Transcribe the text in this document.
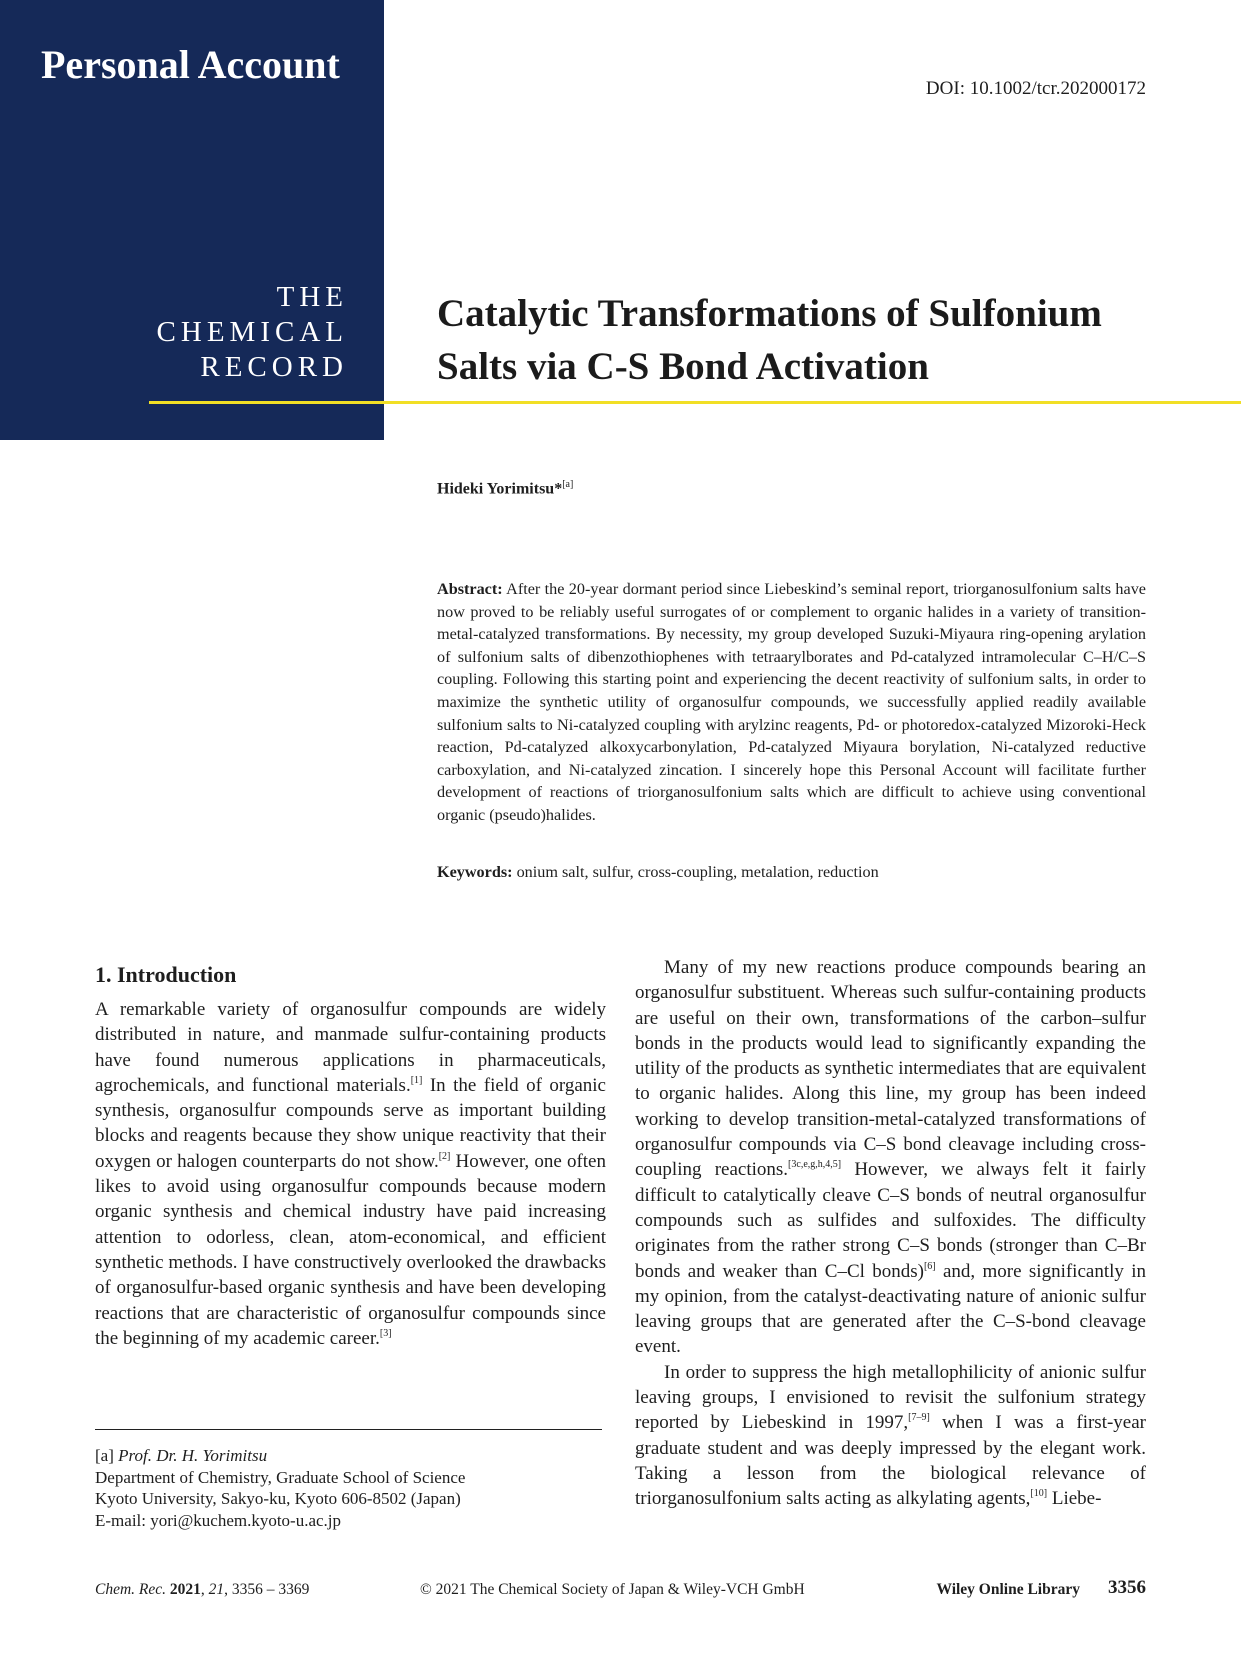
Personal Account
THE
CHEMICAL
RECORD
DOI: 10.1002/tcr.202000172
Catalytic Transformations of Sulfonium
Salts via C-S Bond Activation
Hideki Yorimitsu*[a]
Abstract: After the 20-year dormant period since Liebeskind’s seminal report, triorganosulfonium salts have now proved to be reliably useful surrogates of or complement to organic halides in a variety of transition-metal-catalyzed transformations. By necessity, my group developed Suzuki-Miyaura ring-opening arylation of sulfonium salts of dibenzothiophenes with tetraarylborates and Pd-catalyzed intramolecular C–H/C–S coupling. Following this starting point and experiencing the decent reactivity of sulfonium salts, in order to maximize the synthetic utility of organosulfur compounds, we successfully applied readily available sulfonium salts to Ni-catalyzed coupling with arylzinc reagents, Pd- or photoredox-catalyzed Mizoroki-Heck reaction, Pd-catalyzed alkoxycarbonylation, Pd-catalyzed Miyaura borylation, Ni-catalyzed reductive carboxylation, and Ni-catalyzed zincation. I sincerely hope this Personal Account will facilitate further development of reactions of triorganosulfonium salts which are difficult to achieve using conventional organic (pseudo)halides.
Keywords: onium salt, sulfur, cross-coupling, metalation, reduction
1. Introduction

A remarkable variety of organosulfur compounds are widely distributed in nature, and manmade sulfur-containing products have found numerous applications in pharmaceuticals, agrochemicals, and functional materials.[1] In the field of organic synthesis, organosulfur compounds serve as important building blocks and reagents because they show unique reactivity that their oxygen or halogen counterparts do not show.[2] However, one often likes to avoid using organosulfur compounds because modern organic synthesis and chemical industry have paid increasing attention to odorless, clean, atom-economical, and efficient synthetic methods. I have constructively overlooked the drawbacks of organosulfur-based organic synthesis and have been developing reactions that are characteristic of organosulfur compounds since the beginning of my academic career.[3]

Many of my new reactions produce compounds bearing an organosulfur substituent. Whereas such sulfur-containing products are useful on their own, transformations of the carbon–sulfur bonds in the products would lead to significantly expanding the utility of the products as synthetic intermediates that are equivalent to organic halides. Along this line, my group has been indeed working to develop transition-metal-catalyzed transformations of organosulfur compounds via C–S bond cleavage including cross-coupling reactions.[3c,e,g,h,4,5] However, we always felt it fairly difficult to catalytically cleave C–S bonds of neutral organosulfur compounds such as sulfides and sulfoxides. The difficulty originates from the rather strong C–S bonds (stronger than C–Br bonds and weaker than C–Cl bonds)[6] and, more significantly in my opinion, from the catalyst-deactivating nature of anionic sulfur leaving groups that are generated after the C–S-bond cleavage event.

In order to suppress the high metallophilicity of anionic sulfur leaving groups, I envisioned to revisit the sulfonium strategy reported by Liebeskind in 1997,[7–9] when I was a first-year graduate student and was deeply impressed by the elegant work. Taking a lesson from the biological relevance of triorganosulfonium salts acting as alkylating agents,[10] Liebe-

[a] Prof. Dr. H. Yorimitsu
Department of Chemistry, Graduate School of Science
Kyoto University, Sakyo-ku, Kyoto 606-8502 (Japan)
E-mail: yori@kuchem.kyoto-u.ac.jp
Chem. Rec. 2021, 21, 3356 – 3369	© 2021 The Chemical Society of Japan & Wiley-VCH GmbH	Wiley Online Library 3356
